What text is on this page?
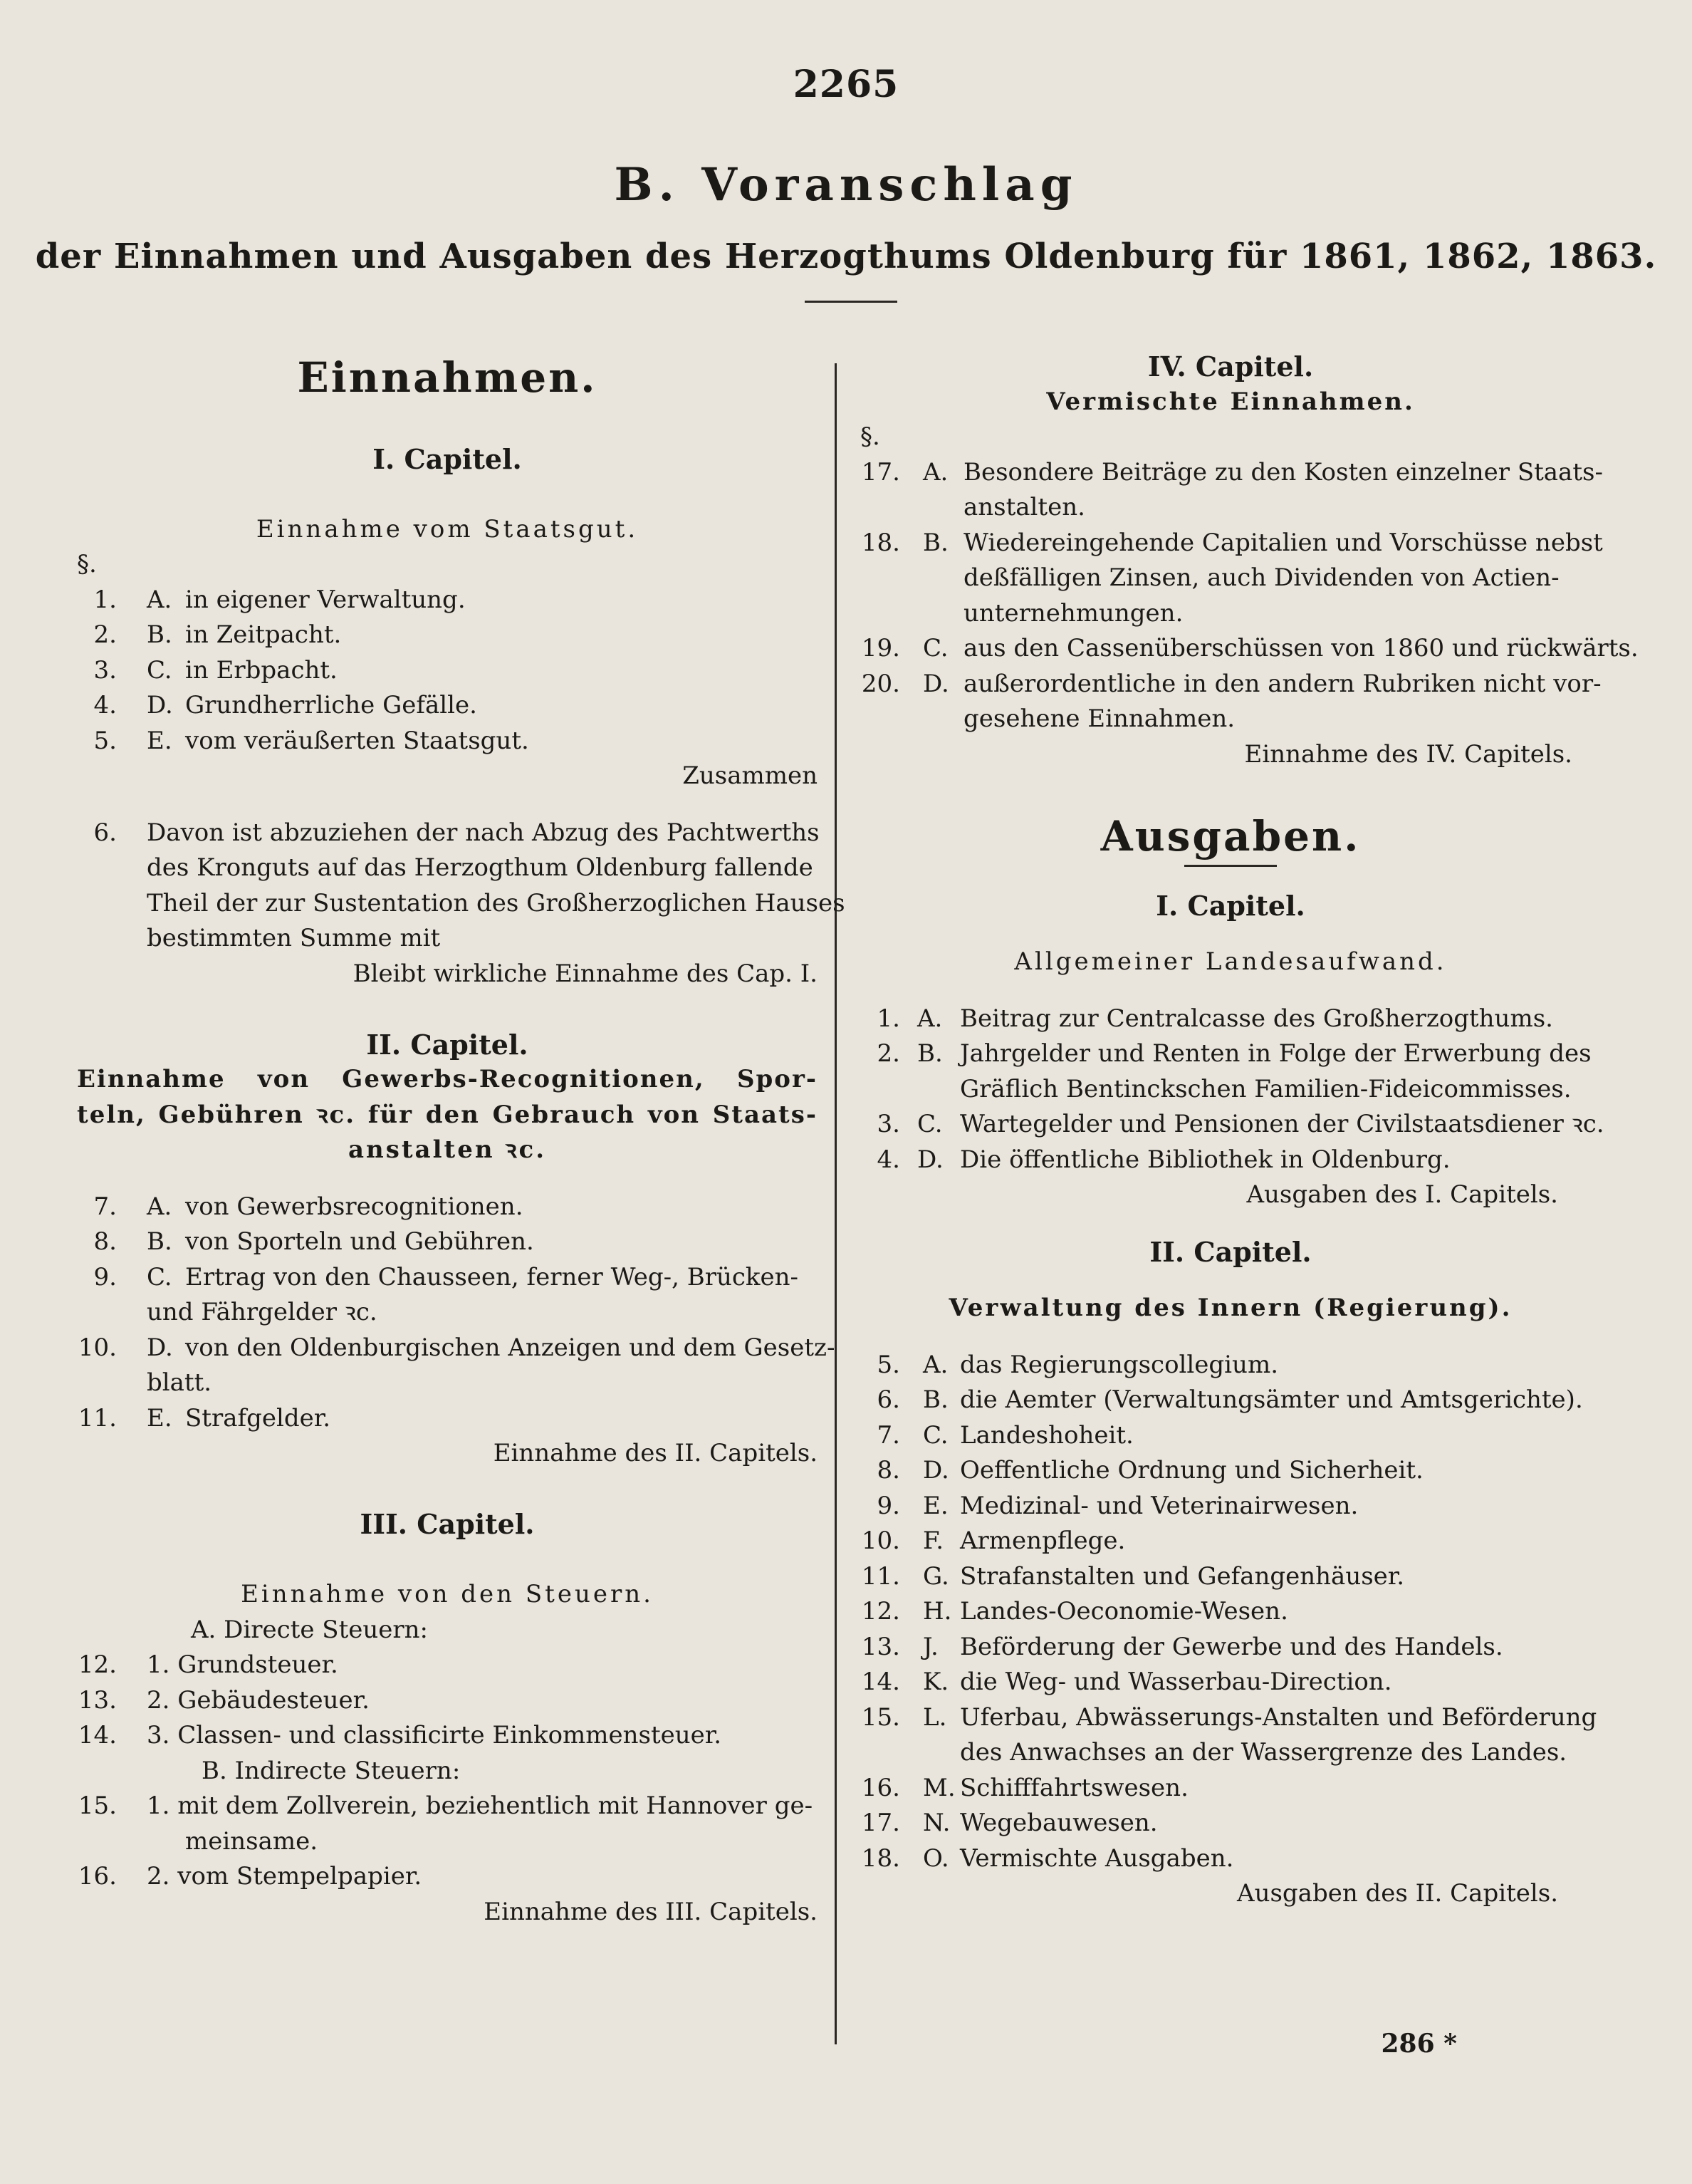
2265
B. Voranschlag
der Einnahmen und Ausgaben des Herzogthums Oldenburg für 1861, 1862, 1863.
Einnahmen.
I. Capitel.
Einnahme vom Staatsgut.
§.
1. A. in eigener Verwaltung.
2. B. in Zeitpacht.
3. C. in Erbpacht.
4. D. Grundherrliche Gefälle.
5. E. vom veräußerten Staatsgut.
Zusammen
6. Davon ist abzuziehen der nach Abzug des Pachtwerths
des Kronguts auf das Herzogthum Oldenburg fallende
Theil der zur Sustentation des Großherzoglichen Hauses
bestimmten Summe mit
Bleibt wirkliche Einnahme des Cap. I.
II. Capitel.
Einnahme von Gewerbs-Recognitionen, Spor-
teln, Gebühren ꝛc. für den Gebrauch von Staats-
anstalten ꝛc.
7. A. von Gewerbsrecognitionen.
8. B. von Sporteln und Gebühren.
9. C. Ertrag von den Chausseen, ferner Weg-, Brücken-
und Fährgelder ꝛc.
10. D. von den Oldenburgischen Anzeigen und dem Gesetz-
blatt.
11. E. Strafgelder.
Einnahme des II. Capitels.
III. Capitel.
Einnahme von den Steuern.
A. Directe Steuern:
12. 1. Grundsteuer.
13. 2. Gebäudesteuer.
14. 3. Classen- und classificirte Einkommensteuer.
B. Indirecte Steuern:
15. 1. mit dem Zollverein, beziehentlich mit Hannover ge-
meinsame.
16. 2. vom Stempelpapier.
Einnahme des III. Capitels.
IV. Capitel.
Vermischte Einnahmen.
§.
17. A. Besondere Beiträge zu den Kosten einzelner Staats-
anstalten.
18. B. Wiedereingehende Capitalien und Vorschüsse nebst
deßfälligen Zinsen, auch Dividenden von Actien-
unternehmungen.
19. C. aus den Cassenüberschüssen von 1860 und rückwärts.
20. D. außerordentliche in den andern Rubriken nicht vor-
gesehene Einnahmen.
Einnahme des IV. Capitels.
Ausgaben.
I. Capitel.
Allgemeiner Landesaufwand.
1. A. Beitrag zur Centralcasse des Großherzogthums.
2. B. Jahrgelder und Renten in Folge der Erwerbung des
Gräflich Bentinckschen Familien-Fideicommisses.
3. C. Wartegelder und Pensionen der Civilstaatsdiener ꝛc.
4. D. Die öffentliche Bibliothek in Oldenburg.
Ausgaben des I. Capitels.
II. Capitel.
Verwaltung des Innern (Regierung).
5. A. das Regierungscollegium.
6. B. die Aemter (Verwaltungsämter und Amtsgerichte).
7. C. Landeshoheit.
8. D. Oeffentliche Ordnung und Sicherheit.
9. E. Medizinal- und Veterinairwesen.
10. F. Armenpflege.
11. G. Strafanstalten und Gefangenhäuser.
12. H. Landes-Oeconomie-Wesen.
13. J. Beförderung der Gewerbe und des Handels.
14. K. die Weg- und Wasserbau-Direction.
15. L. Uferbau, Abwässerungs-Anstalten und Beförderung
des Anwachses an der Wassergrenze des Landes.
16. M. Schifffahrtswesen.
17. N. Wegebauwesen.
18. O. Vermischte Ausgaben.
Ausgaben des II. Capitels.
286 *
